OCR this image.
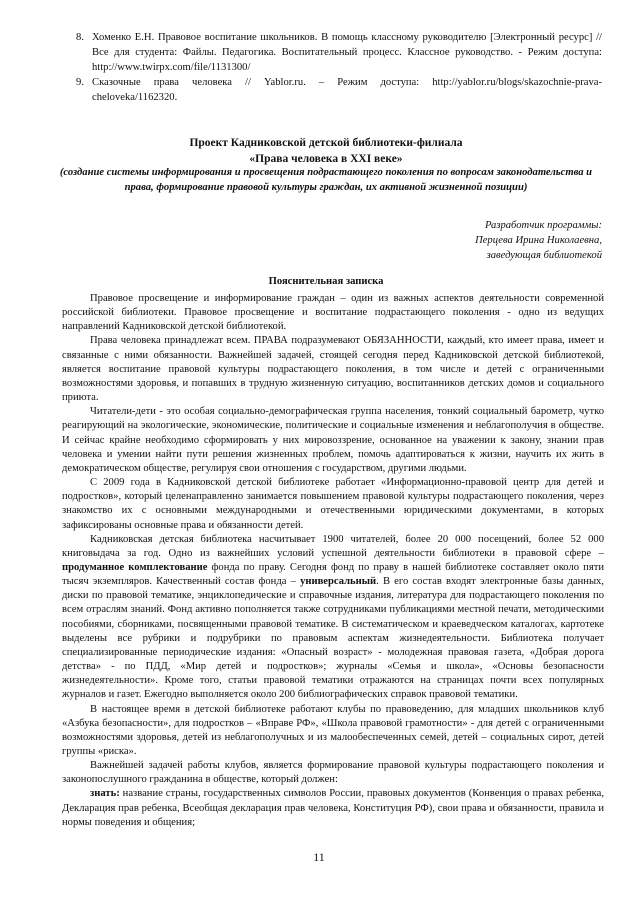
8. Хоменко Е.Н. Правовое воспитание школьников. В помощь классному руководителю [Электронный ресурс] // Все для студента: Файлы. Педагогика. Воспитательный процесс. Классное руководство. - Режим доступа: http://www.twirpx.com/file/1131300/
9. Сказочные права человека // Yablor.ru. – Режим доступа: http://yablor.ru/blogs/skazochnie-prava-cheloveka/1162320.
Проект Кадниковской детской библиотеки-филиала
«Права человека в XXI веке»
(создание системы информирования и просвещения подрастающего поколения по вопросам законодательства и права, формирование правовой культуры граждан, их активной жизненной позиции)
Разработчик программы:
Перцева Ирина Николаевна,
заведующая библиотекой
Пояснительная записка

Правовое просвещение и информирование граждан – один из важных аспектов деятельности современной российской библиотеки. Правовое просвещение и воспитание подрастающего поколения - одно из ведущих направлений Кадниковской детской библиотекой.

Права человека принадлежат всем. ПРАВА подразумевают ОБЯЗАННОСТИ, каждый, кто имеет права, имеет и связанные с ними обязанности. Важнейшей задачей, стоящей сегодня перед Кадниковской детской библиотекой, является воспитание правовой культуры подрастающего поколения, в том числе и детей с ограниченными возможностями здоровья, и попавших в трудную жизненную ситуацию, воспитанников детских домов и социального приюта.

Читатели-дети - это особая социально-демографическая группа населения, тонкий социальный барометр, чутко реагирующий на экологические, экономические, политические и социальные изменения и неблагополучия в обществе. И сейчас крайне необходимо сформировать у них мировоззрение, основанное на уважении к закону, знании прав человека и умении найти пути решения жизненных проблем, помочь адаптироваться к жизни, научить их жить в демократическом обществе, регулируя свои отношения с государством, другими людьми.

С 2009 года в Кадниковской детской библиотеке работает «Информационно-правовой центр для детей и подростков», который целенаправленно занимается повышением правовой культуры подрастающего поколения, через знакомство их с основными международными и отечественными юридическими документами, в которых зафиксированы основные права и обязанности детей.

Кадниковская детская библиотека насчитывает 1900 читателей, более 20 000 посещений, более 52 000 книговыдача за год. Одно из важнейших условий успешной деятельности библиотеки в правовой сфере – продуманное комплектование фонда по праву. Сегодня фонд по праву в нашей библиотеке составляет около пяти тысяч экземпляров. Качественный состав фонда – универсальный. В его состав входят электронные базы данных, диски по правовой тематике, энциклопедические и справочные издания, литература для подрастающего поколения по всем отраслям знаний. Фонд активно пополняется также сотрудниками публикациями местной печати, методическими пособиями, сборниками, посвященными правовой тематике. В систематическом и краеведческом каталогах, картотеке выделены все рубрики и подрубрики по правовым аспектам жизнедеятельности. Библиотека получает специализированные периодические издания: «Опасный возраст» - молодежная правовая газета, «Добрая дорога детства» - по ПДД, «Мир детей и подростков»; журналы «Семья и школа», «Основы безопасности жизнедеятельности». Кроме того, статьи правовой тематики отражаются на страницах почти всех популярных журналов и газет. Ежегодно выполняется около 200 библиографических справок правовой тематики.

В настоящее время в детской библиотеке работают клубы по правоведению, для младших школьников клуб «Азбука безопасности», для подростков – «Вправе РФ», «Школа правовой грамотности» - для детей с ограниченными возможностями здоровья, детей из неблагополучных и из малообеспеченных семей, детей – социальных сирот, детей группы «риска».

Важнейшей задачей работы клубов, является формирование правовой культуры подрастающего поколения и законопослушного гражданина в обществе, который должен:

знать: название страны, государственных символов России, правовых документов (Конвенция о правах ребенка, Декларация прав ребенка, Всеобщая декларация прав человека, Конституция РФ), свои права и обязанности, правила и нормы поведения и общения;

11
